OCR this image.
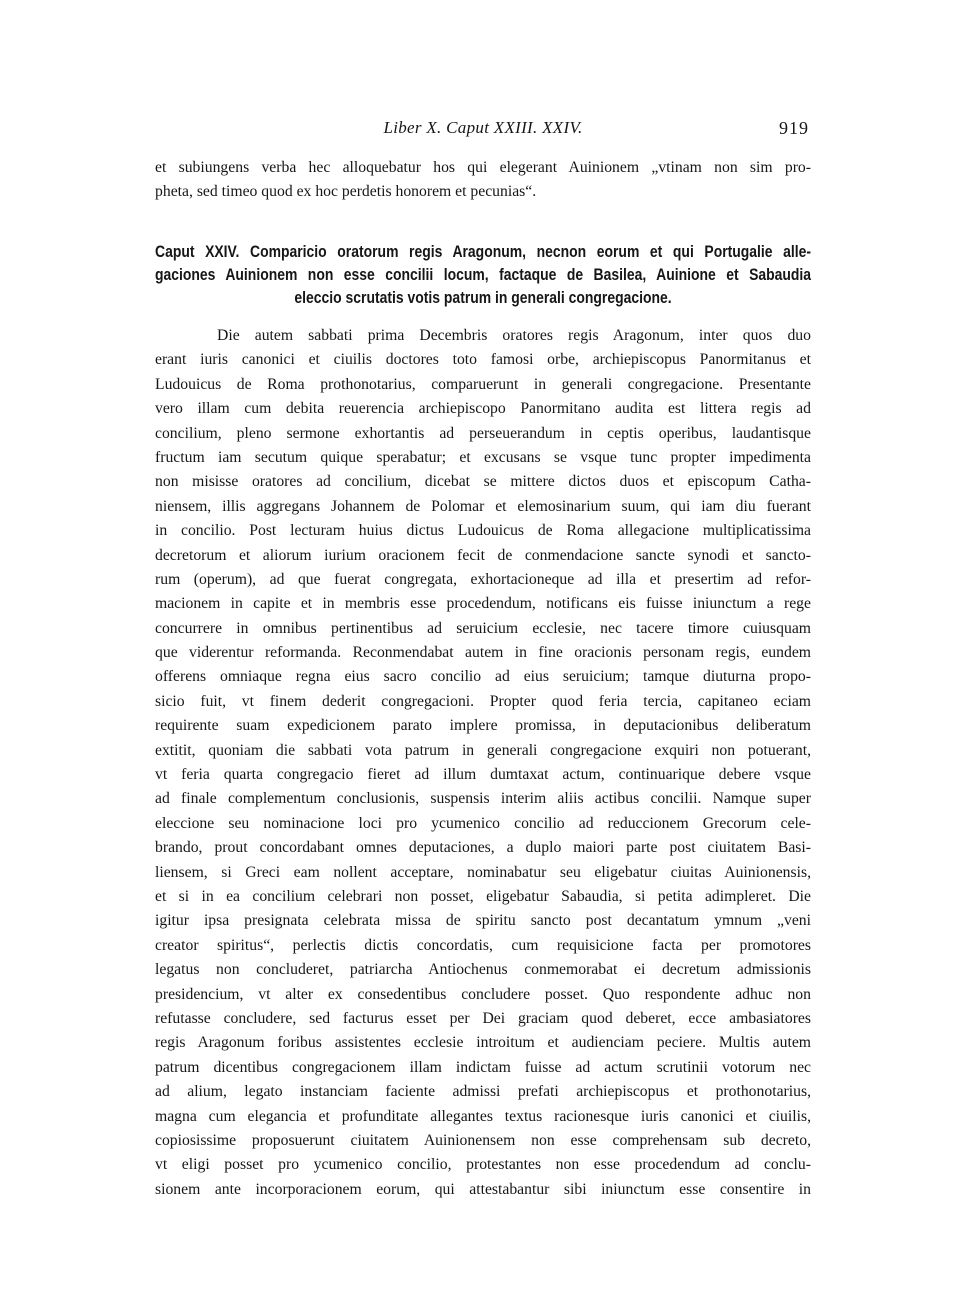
Liber X. Caput XXIII. XXIV.	919
et subiungens verba hec alloquebatur hos qui elegerant Auinionem „vtinam non sim pro-
pheta, sed timeo quod ex hoc perdetis honorem et pecunias“.
Caput XXIV. Comparicio oratorum regis Aragonum, necnon eorum et qui Portugalie alle-
gaciones Auinionem non esse concilii locum, factaque de Basilea, Auinione et Sabaudia
eleccio scrutatis votis patrum in generali congregacione.
Die autem sabbati prima Decembris oratores regis Aragonum, inter quos duo
erant iuris canonici et ciuilis doctores toto famosi orbe, archiepiscopus Panormitanus et
Ludouicus de Roma prothonotarius, comparuerunt in generali congregacione. Presentante
vero illam cum debita reuerencia archiepiscopo Panormitano audita est littera regis ad
concilium, pleno sermone exhortantis ad perseuerandum in ceptis operibus, laudantisque
fructum iam secutum quique sperabatur; et excusans se vsque tunc propter impedimenta
non misisse oratores ad concilium, dicebat se mittere dictos duos et episcopum Catha-
niensem, illis aggregans Johannem de Polomar et elemosinarium suum, qui iam diu fuerant
in concilio. Post lecturam huius dictus Ludouicus de Roma allegacione multiplicatissima
decretorum et aliorum iurium oracionem fecit de conmendacione sancte synodi et sancto-
rum (operum), ad que fuerat congregata, exhortacioneque ad illa et presertim ad refor-
macionem in capite et in membris esse procedendum, notificans eis fuisse iniunctum a rege
concurrere in omnibus pertinentibus ad seruicium ecclesie, nec tacere timore cuiusquam
que viderentur reformanda. Reconmendabat autem in fine oracionis personam regis, eundem
offerens omniaque regna eius sacro concilio ad eius seruicium; tamque diuturna propo-
sicio fuit, vt finem dederit congregacioni. Propter quod feria tercia, capitaneo eciam
requirente suam expedicionem parato implere promissa, in deputacionibus deliberatum
extitit, quoniam die sabbati vota patrum in generali congregacione exquiri non potuerant,
vt feria quarta congregacio fieret ad illum dumtaxat actum, continuarique debere vsque
ad finale complementum conclusionis, suspensis interim aliis actibus concilii. Namque super
eleccione seu nominacione loci pro ycumenico concilio ad reduccionem Grecorum cele-
brando, prout concordabant omnes deputaciones, a duplo maiori parte post ciuitatem Basi-
liensem, si Greci eam nollent acceptare, nominabatur seu eligebatur ciuitas Auinionensis,
et si in ea concilium celebrari non posset, eligebatur Sabaudia, si petita adimpleret. Die
igitur ipsa presignata celebrata missa de spiritu sancto post decantatum ymnum „veni
creator spiritus“, perlectis dictis concordatis, cum requisicione facta per promotores
legatus non concluderet, patriarcha Antiochenus conmemorabat ei decretum admissionis
presidencium, vt alter ex consedentibus concludere posset. Quo respondente adhuc non
refutasse concludere, sed facturus esset per Dei graciam quod deberet, ecce ambasiatores
regis Aragonum foribus assistentes ecclesie introitum et audienciam peciere. Multis autem
patrum dicentibus congregacionem illam indictam fuisse ad actum scrutinii votorum nec
ad alium, legato instanciam faciente admissi prefati archiepiscopus et prothonotarius,
magna cum elegancia et profunditate allegantes textus racionesque iuris canonici et ciuilis,
copiosissime proposuerunt ciuitatem Auinionensem non esse comprehensam sub decreto,
vt eligi posset pro ycumenico concilio, protestantes non esse procedendum ad conclu-
sionem ante incorporacionem eorum, qui attestabantur sibi iniunctum esse consentire in
